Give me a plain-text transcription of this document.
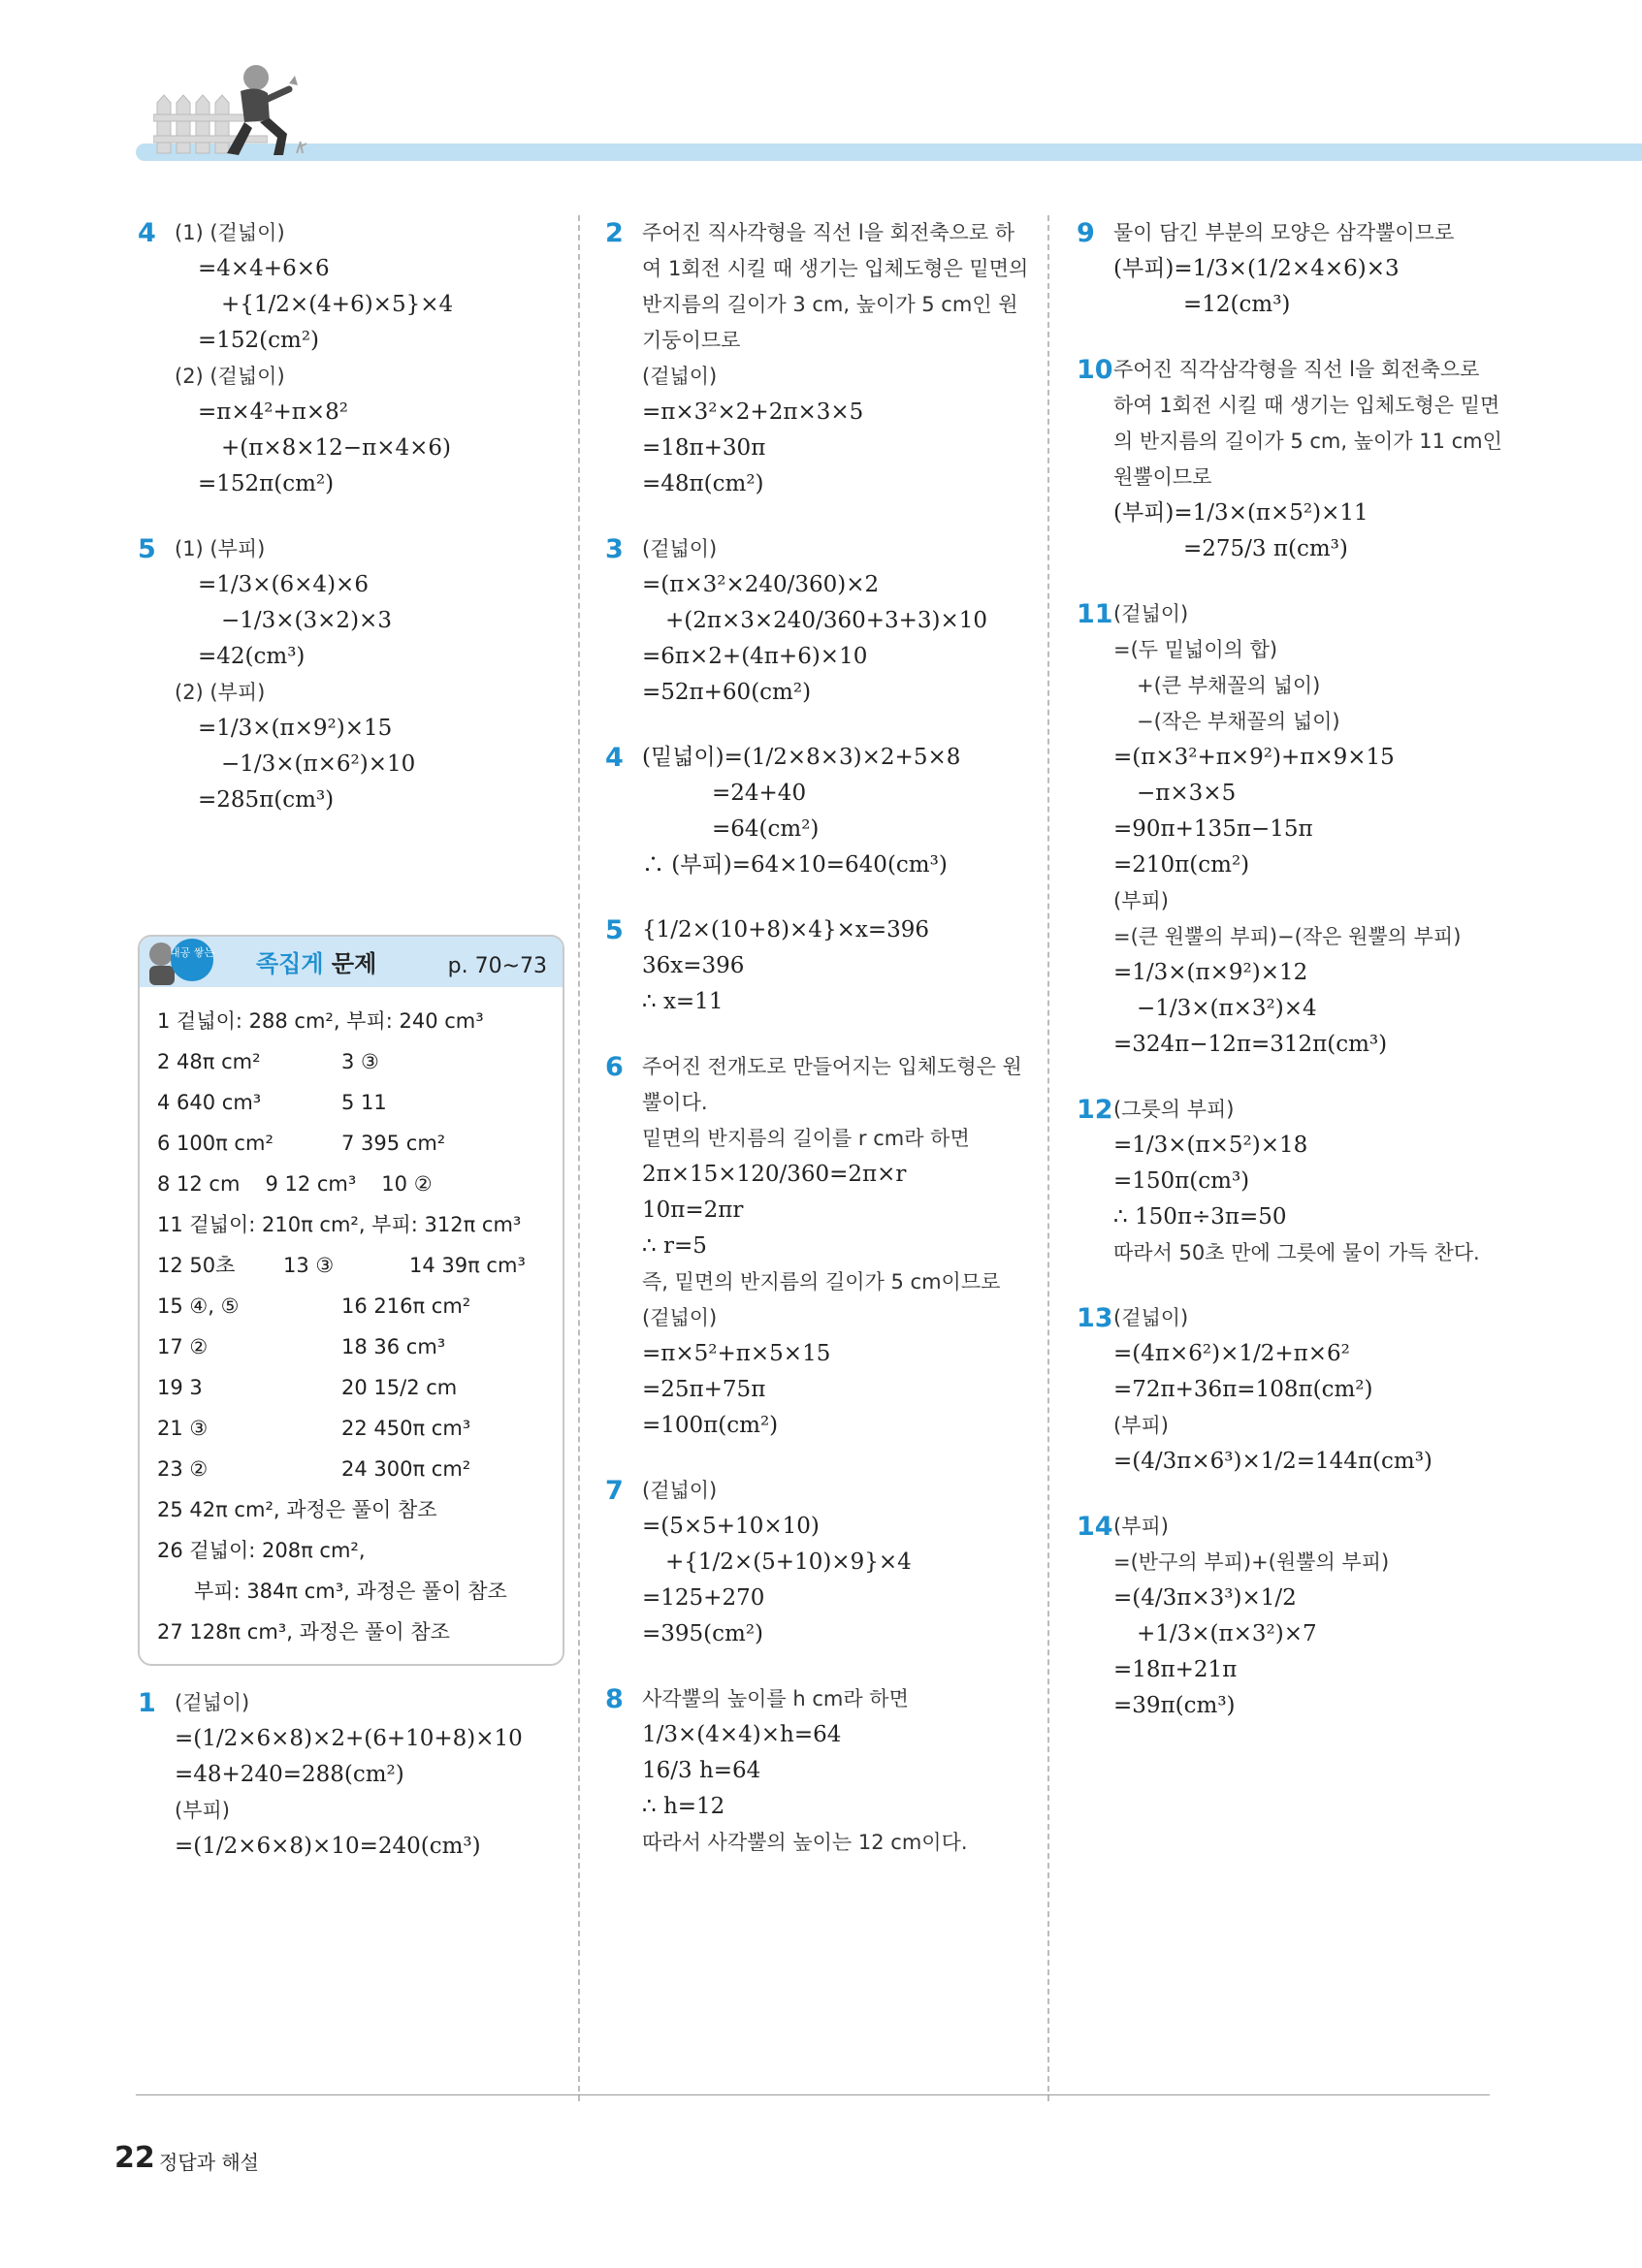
4 (1) (겉넓이)
=4×4+6×6
+{1/2×(4+6)×5}×4
=152(cm²)
(2) (겉넓이)
=π×4²+π×8²
+(π×8×12−π×4×6)
=152π(cm²)
5 (1) (부피)
=1/3×(6×4)×6
−1/3×(3×2)×3
=42(cm³)
(2) (부피)
=1/3×(π×9²)×15
−1/3×(π×6²)×10
=285π(cm³)
내공 쌓는 족집게 문제	p. 70~73
1 겉넓이: 288 cm², 부피: 240 cm³
2 48π cm²	3 ③
4 640 cm³	5 11
6 100π cm²	7 395 cm²
8 12 cm 9 12 cm³ 10 ②
11 겉넓이: 210π cm², 부피: 312π cm³
12 50초 13 ③	14 39π cm³
15 ④, ⑤	16 216π cm²
17 ②	18 36 cm³
19 3	20 15/2 cm
21 ③	22 450π cm³
23 ②	24 300π cm²
25 42π cm², 과정은 풀이 참조
26 겉넓이: 208π cm²,
부피: 384π cm³, 과정은 풀이 참조
27 128π cm³, 과정은 풀이 참조
1 (겉넓이)
=(1/2×6×8)×2+(6+10+8)×10
=48+240=288(cm²)
(부피)
=(1/2×6×8)×10=240(cm³)
2 주어진 직사각형을 직선 l을 회전축으로 하여 1회전 시킬 때 생기는 입체도형은 밑면의 반지름의 길이가 3 cm, 높이가 5 cm인 원기둥이므로
(겉넓이)
=π×3²×2+2π×3×5
=18π+30π
=48π(cm²)
3 (겉넓이)
=(π×3²×240/360)×2
+(2π×3×240/360+3+3)×10
=6π×2+(4π+6)×10
=52π+60(cm²)
4 (밑넓이)=(1/2×8×3)×2+5×8
=24+40
=64(cm²)
∴ (부피)=64×10=640(cm³)
5 {1/2×(10+8)×4}×x=396
36x=396
∴ x=11
6 주어진 전개도로 만들어지는 입체도형은 원뿔이다.
밑면의 반지름의 길이를 r cm라 하면
2π×15×120/360=2π×r
10π=2πr
∴ r=5
즉, 밑면의 반지름의 길이가 5 cm이므로
(겉넓이)
=π×5²+π×5×15
=25π+75π
=100π(cm²)
7 (겉넓이)
=(5×5+10×10)
+{1/2×(5+10)×9}×4
=125+270
=395(cm²)
8 사각뿔의 높이를 h cm라 하면
1/3×(4×4)×h=64
16/3 h=64
∴ h=12
따라서 사각뿔의 높이는 12 cm이다.
9 물이 담긴 부분의 모양은 삼각뿔이므로
(부피)=1/3×(1/2×4×6)×3
=12(cm³)
10 주어진 직각삼각형을 직선 l을 회전축으로 하여 1회전 시킬 때 생기는 입체도형은 밑면의 반지름의 길이가 5 cm, 높이가 11 cm인 원뿔이므로
(부피)=1/3×(π×5²)×11
=275/3 π(cm³)
11 (겉넓이)
=(두 밑넓이의 합)
+(큰 부채꼴의 넓이)
−(작은 부채꼴의 넓이)
=(π×3²+π×9²)+π×9×15
−π×3×5
=90π+135π−15π
=210π(cm²)
(부피)
=(큰 원뿔의 부피)−(작은 원뿔의 부피)
=1/3×(π×9²)×12
−1/3×(π×3²)×4
=324π−12π=312π(cm³)
12 (그릇의 부피)
=1/3×(π×5²)×18
=150π(cm³)
∴ 150π÷3π=50
따라서 50초 만에 그릇에 물이 가득 찬다.
13 (겉넓이)
=(4π×6²)×1/2+π×6²
=72π+36π=108π(cm²)
(부피)
=(4/3π×6³)×1/2=144π(cm³)
14 (부피)
=(반구의 부피)+(원뿔의 부피)
=(4/3π×3³)×1/2
+1/3×(π×3²)×7
=18π+21π
=39π(cm³)
22 정답과 해설
